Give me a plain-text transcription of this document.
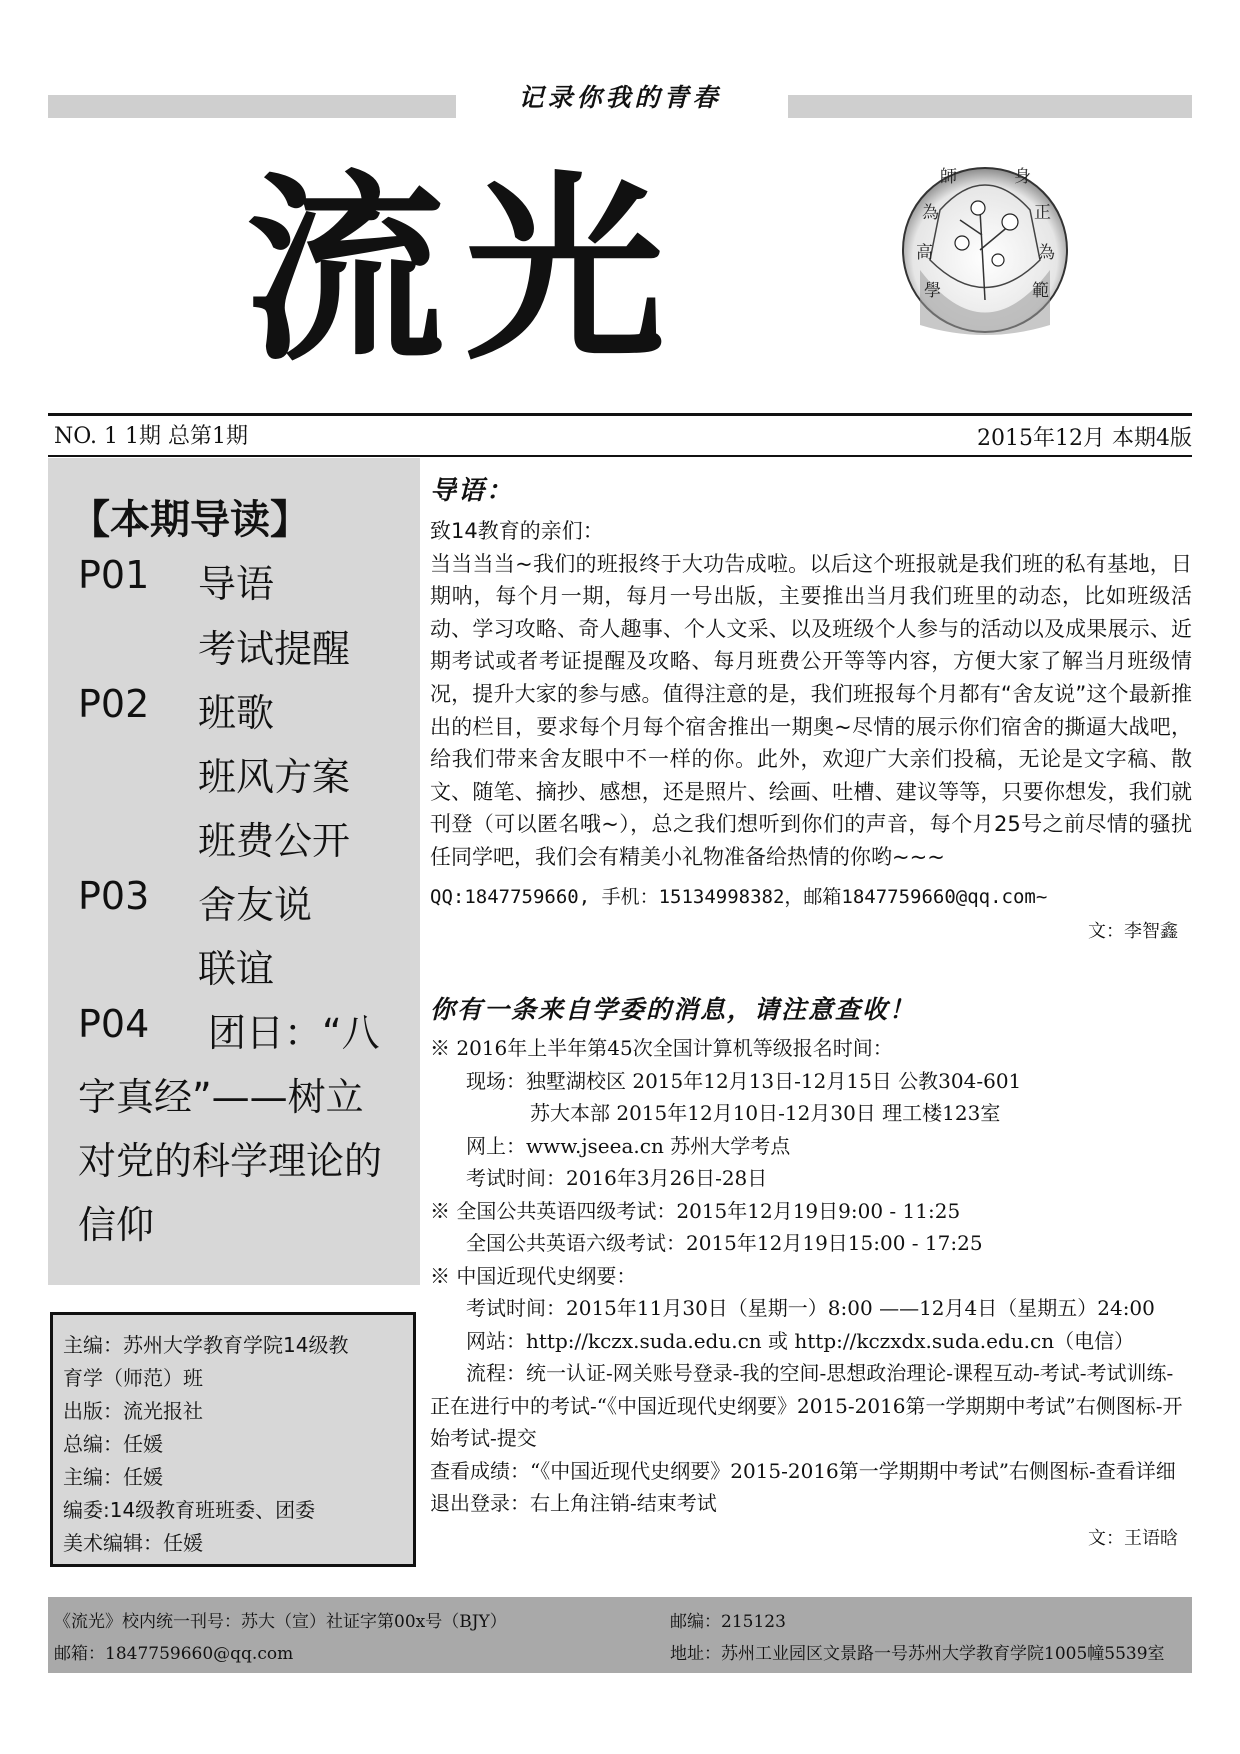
记录你我的青春
流光	師	身
為	正
高	為
學	範
NO. 1 1期 总第1期	2015年12月 本期4版
【本期导读】
P01 导语
考试提醒
P02 班歌
班风方案
班费公开
P03 舍友说
联谊
P04 团日：“八
字真经”——树立
对党的科学理论的
信仰
主编：苏州大学教育学院14级教
育学（师范）班
出版：流光报社
总编：任媛
主编：任媛
编委:14级教育班班委、团委
美术编辑：任媛
导语：
致14教育的亲们：
当当当当~我们的班报终于大功告成啦。以后这个班报就是我们班的私有基地，日期呐，每个月一期，每月一号出版，主要推出当月我们班里的动态，比如班级活动、学习攻略、奇人趣事、个人文采、以及班级个人参与的活动以及成果展示、近期考试或者考证提醒及攻略、每月班费公开等等内容，方便大家了解当月班级情况，提升大家的参与感。值得注意的是，我们班报每个月都有“舍友说”这个最新推出的栏目，要求每个月每个宿舍推出一期奥~尽情的展示你们宿舍的撕逼大战吧，给我们带来舍友眼中不一样的你。此外，欢迎广大亲们投稿，无论是文字稿、散文、随笔、摘抄、感想，还是照片、绘画、吐槽、建议等等，只要你想发，我们就刊登（可以匿名哦~），总之我们想听到你们的声音，每个月25号之前尽情的骚扰任同学吧，我们会有精美小礼物准备给热情的你哟~~~
QQ:1847759660, 手机：15134998382，邮箱1847759660@qq.com~
文：李智鑫
你有一条来自学委的消息，请注意查收！
※ 2016年上半年第45次全国计算机等级报名时间：
现场：独墅湖校区 2015年12月13日-12月15日 公教304-601
苏大本部 2015年12月10日-12月30日 理工楼123室
网上：www.jseea.cn 苏州大学考点
考试时间：2016年3月26日-28日
※ 全国公共英语四级考试：2015年12月19日9:00 - 11:25
全国公共英语六级考试：2015年12月19日15:00 - 17:25
※ 中国近现代史纲要：
考试时间：2015年11月30日（星期一）8:00 ——12月4日（星期五）24:00
网站：http://kczx.suda.edu.cn 或 http://kczxdx.suda.edu.cn（电信）
流程：统一认证-网关账号登录-我的空间-思想政治理论-课程互动-考试-考试训练-正在进行中的考试-“《中国近现代史纲要》2015-2016第一学期期中考试”右侧图标-开始考试-提交
查看成绩：“《中国近现代史纲要》2015-2016第一学期期中考试”右侧图标-查看详细
退出登录：右上角注销-结束考试
文：王语晗
《流光》校内统一刊号：苏大（宣）社证字第00x号（BJY）	邮编：215123
邮箱：1847759660@qq.com	地址：苏州工业园区文景路一号苏州大学教育学院1005幢5539室
